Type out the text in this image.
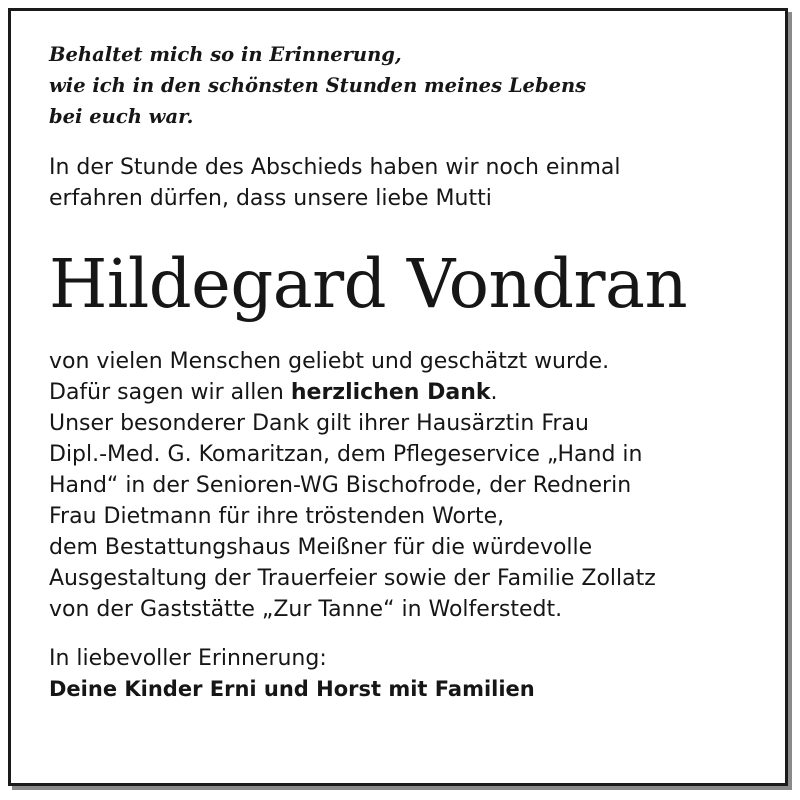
Behaltet mich so in Erinnerung,
wie ich in den schönsten Stunden meines Lebens
bei euch war.
In der Stunde des Abschieds haben wir noch einmal
erfahren dürfen, dass unsere liebe Mutti
Hildegard Vondran
von vielen Menschen geliebt und geschätzt wurde.
Dafür sagen wir allen herzlichen Dank.
Unser besonderer Dank gilt ihrer Hausärztin Frau
Dipl.-Med. G. Komaritzan, dem Pflegeservice „Hand in
Hand“ in der Senioren-WG Bischofrode, der Rednerin
Frau Dietmann für ihre tröstenden Worte,
dem Bestattungshaus Meißner für die würdevolle
Ausgestaltung der Trauerfeier sowie der Familie Zollatz
von der Gaststätte „Zur Tanne“ in Wolferstedt.
In liebevoller Erinnerung:
Deine Kinder Erni und Horst mit Familien
